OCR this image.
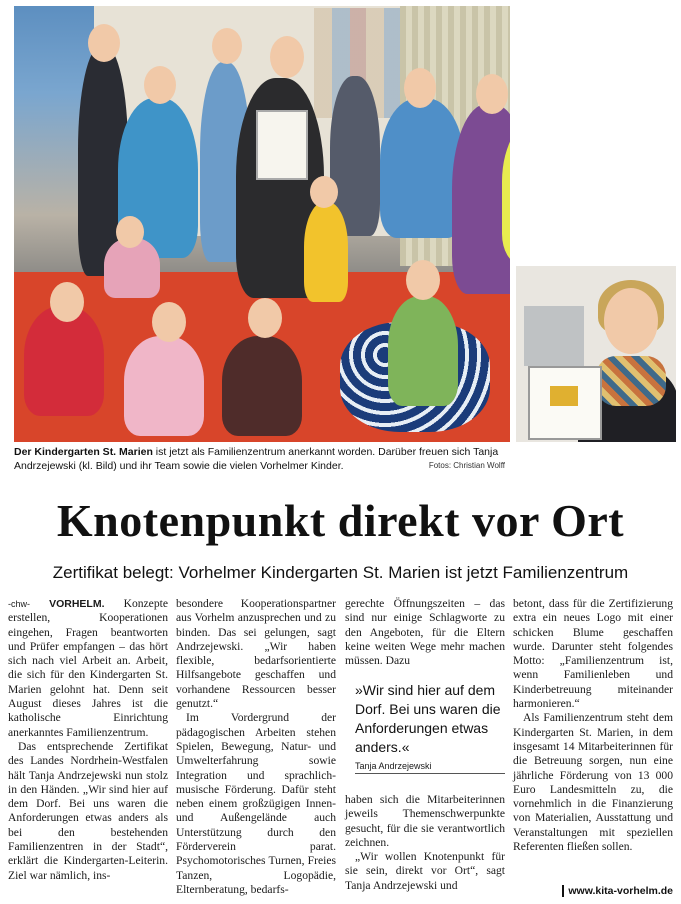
Der Kindergarten St. Marien ist jetzt als Familienzentrum anerkannt worden. Darüber freuen sich Tanja Andrzejewski (kl. Bild) und ihr Team sowie die vielen Vorhelmer Kinder.	Fotos: Christian Wolff
Knotenpunkt direkt vor Ort
Zertifikat belegt: Vorhelmer Kindergarten St. Marien ist jetzt Familienzentrum

-chw- VORHELM. Konzepte erstellen, Kooperationen eingehen, Fragen beantworten und Prüfer empfangen – das hört sich nach viel Arbeit an. Arbeit, die sich für den Kindergarten St. Marien gelohnt hat. Denn seit August dieses Jahres ist die katholische Einrichtung anerkanntes Familienzentrum.

Das entsprechende Zertifikat des Landes Nordrhein-Westfalen hält Tanja Andrzejewski nun stolz in den Händen. „Wir sind hier auf dem Dorf. Bei uns waren die Anforderungen etwas anders als bei den bestehenden Familienzentren in der Stadt“, erklärt die Kindergarten-Leiterin. Ziel war nämlich, ins-

besondere Kooperationspartner aus Vorhelm anzusprechen und zu binden. Das sei gelungen, sagt Andrzejewski. „Wir haben flexible, bedarfsorientierte Hilfsangebote geschaffen und vorhandene Ressourcen besser genutzt.“

Im Vordergrund der pädagogischen Arbeiten stehen Spielen, Bewegung, Natur- und Umwelterfahrung sowie Integration und sprachlich-musische Förderung. Dafür steht neben einem großzügigen Innen- und Außengelände auch Unterstützung durch den Förderverein parat. Psychomotorisches Turnen, Freies Tanzen, Logopädie, Elternberatung, bedarfs-

gerechte Öffnungszeiten – das sind nur einige Schlagworte zu den Angeboten, für die Eltern keine weiten Wege mehr machen müssen. Dazu

»Wir sind hier auf dem Dorf. Bei uns waren die Anforderungen etwas anders.«
Tanja Andrzejewski

haben sich die Mitarbeiterinnen jeweils Themenschwerpunkte gesucht, für die sie verantwortlich zeichnen.

„Wir wollen Knotenpunkt für sie sein, direkt vor Ort“, sagt Tanja Andrzejewski und

betont, dass für die Zertifizierung extra ein neues Logo mit einer schicken Blume geschaffen wurde. Darunter steht folgendes Motto: „Familienzentrum ist, wenn Familienleben und Kinderbetreuung miteinander harmonieren.“

Als Familienzentrum steht dem Kindergarten St. Marien, in dem insgesamt 14 Mitarbeiterinnen für die Betreuung sorgen, nun eine jährliche Förderung von 13 000 Euro Landesmitteln zu, die vornehmlich in die Finanzierung von Materialien, Ausstattung und Veranstaltungen mit speziellen Referenten fließen sollen.

www.kita-vorhelm.de
